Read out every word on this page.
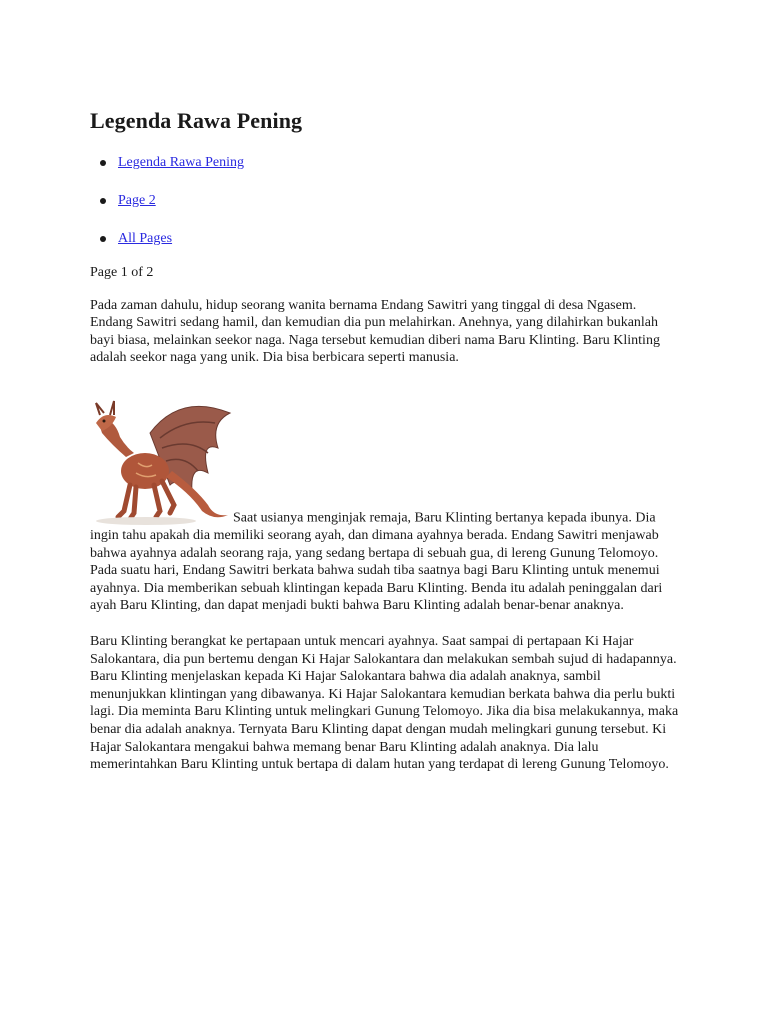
Legenda Rawa Pening
Legenda Rawa Pening
Page 2
All Pages

Page 1 of 2

Pada zaman dahulu, hidup seorang wanita bernama Endang Sawitri yang tinggal di desa Ngasem. Endang Sawitri sedang hamil, dan kemudian dia pun melahirkan. Anehnya, yang dilahirkan bukanlah bayi biasa, melainkan seekor naga. Naga tersebut kemudian diberi nama Baru Klinting. Baru Klinting adalah seekor naga yang unik. Dia bisa berbicara seperti manusia.

Saat usianya menginjak remaja, Baru Klinting bertanya kepada ibunya. Dia ingin tahu apakah dia memiliki seorang ayah, dan dimana ayahnya berada. Endang Sawitri menjawab bahwa ayahnya adalah seorang raja, yang sedang bertapa di sebuah gua, di lereng Gunung Telomoyo. Pada suatu hari, Endang Sawitri berkata bahwa sudah tiba saatnya bagi Baru Klinting untuk menemui ayahnya. Dia memberikan sebuah klintingan kepada Baru Klinting. Benda itu adalah peninggalan dari ayah Baru Klinting, dan dapat menjadi bukti bahwa Baru Klinting adalah benar-benar anaknya.

Baru Klinting berangkat ke pertapaan untuk mencari ayahnya. Saat sampai di pertapaan Ki Hajar Salokantara, dia pun bertemu dengan Ki Hajar Salokantara dan melakukan sembah sujud di hadapannya. Baru Klinting menjelaskan kepada Ki Hajar Salokantara bahwa dia adalah anaknya, sambil menunjukkan klintingan yang dibawanya. Ki Hajar Salokantara kemudian berkata bahwa dia perlu bukti lagi. Dia meminta Baru Klinting untuk melingkari Gunung Telomoyo. Jika dia bisa melakukannya, maka benar dia adalah anaknya. Ternyata Baru Klinting dapat dengan mudah melingkari gunung tersebut. Ki Hajar Salokantara mengakui bahwa memang benar Baru Klinting adalah anaknya. Dia lalu memerintahkan Baru Klinting untuk bertapa di dalam hutan yang terdapat di lereng Gunung Telomoyo.
